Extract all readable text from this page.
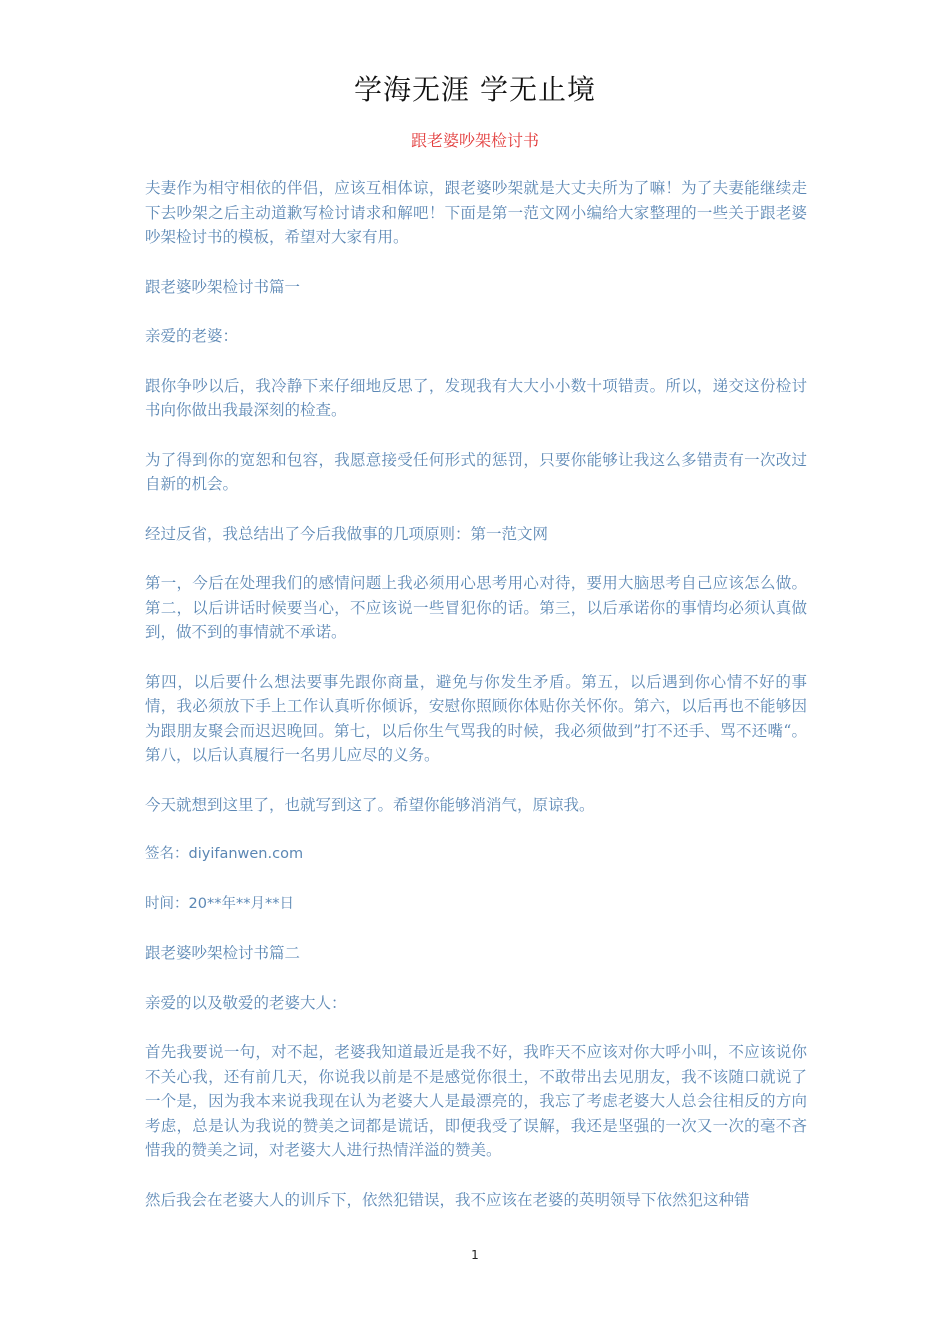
学海无涯 学无止境
跟老婆吵架检讨书

夫妻作为相守相依的伴侣，应该互相体谅，跟老婆吵架就是大丈夫所为了嘛！为了夫妻能继续走下去吵架之后主动道歉写检讨请求和解吧！下面是第一范文网小编给大家整理的一些关于跟老婆吵架检讨书的模板，希望对大家有用。

跟老婆吵架检讨书篇一

亲爱的老婆：

跟你争吵以后，我冷静下来仔细地反思了，发现我有大大小小数十项错责。所以，递交这份检讨书向你做出我最深刻的检查。

为了得到你的宽恕和包容，我愿意接受任何形式的惩罚，只要你能够让我这么多错责有一次改过自新的机会。

经过反省，我总结出了今后我做事的几项原则：第一范文网

第一，今后在处理我们的感情问题上我必须用心思考用心对待，要用大脑思考自己应该怎么做。第二，以后讲话时候要当心，不应该说一些冒犯你的话。第三，以后承诺你的事情均必须认真做到，做不到的事情就不承诺。

第四，以后要什么想法要事先跟你商量，避免与你发生矛盾。第五，以后遇到你心情不好的事情，我必须放下手上工作认真听你倾诉，安慰你照顾你体贴你关怀你。第六，以后再也不能够因为跟朋友聚会而迟迟晚回。第七，以后你生气骂我的时候，我必须做到”打不还手、骂不还嘴“。第八，以后认真履行一名男儿应尽的义务。

今天就想到这里了，也就写到这了。希望你能够消消气，原谅我。

签名：diyifanwen.com

时间：20**年**月**日

跟老婆吵架检讨书篇二

亲爱的以及敬爱的老婆大人：

首先我要说一句，对不起，老婆我知道最近是我不好，我昨天不应该对你大呼小叫，不应该说你不关心我，还有前几天，你说我以前是不是感觉你很土，不敢带出去见朋友，我不该随口就说了一个是，因为我本来说我现在认为老婆大人是最漂亮的，我忘了考虑老婆大人总会往相反的方向考虑，总是认为我说的赞美之词都是谎话，即便我受了误解，我还是坚强的一次又一次的毫不吝惜我的赞美之词，对老婆大人进行热情洋溢的赞美。

然后我会在老婆大人的训斥下，依然犯错误，我不应该在老婆的英明领导下依然犯这种错

1
